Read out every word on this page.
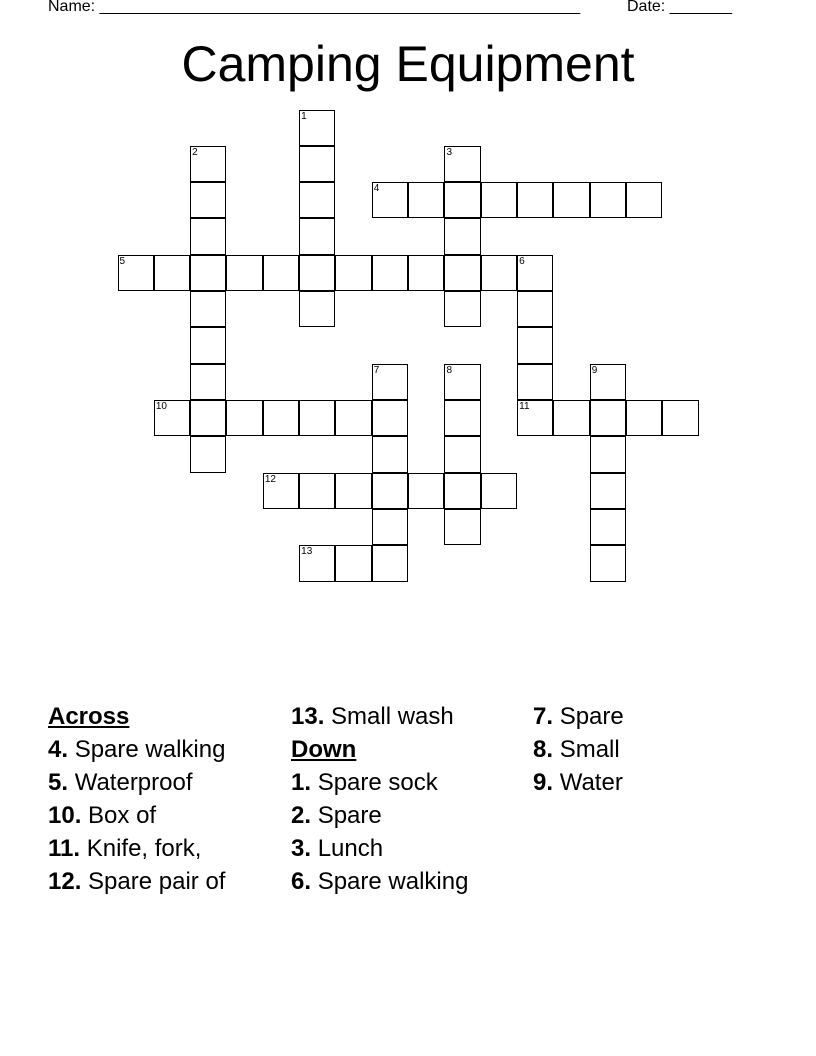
Name: ______________________________________________________	Date: _______
Camping Equipment
1
2	3
4
5	6
11
7	8	9
10
12
13
Across
4. Spare walking
5. Waterproof
10. Box of
11. Knife, fork,
12. Spare pair of
13. Small wash
Down
1. Spare sock
2. Spare
3. Lunch
6. Spare walking
7. Spare
8. Small
9. Water
